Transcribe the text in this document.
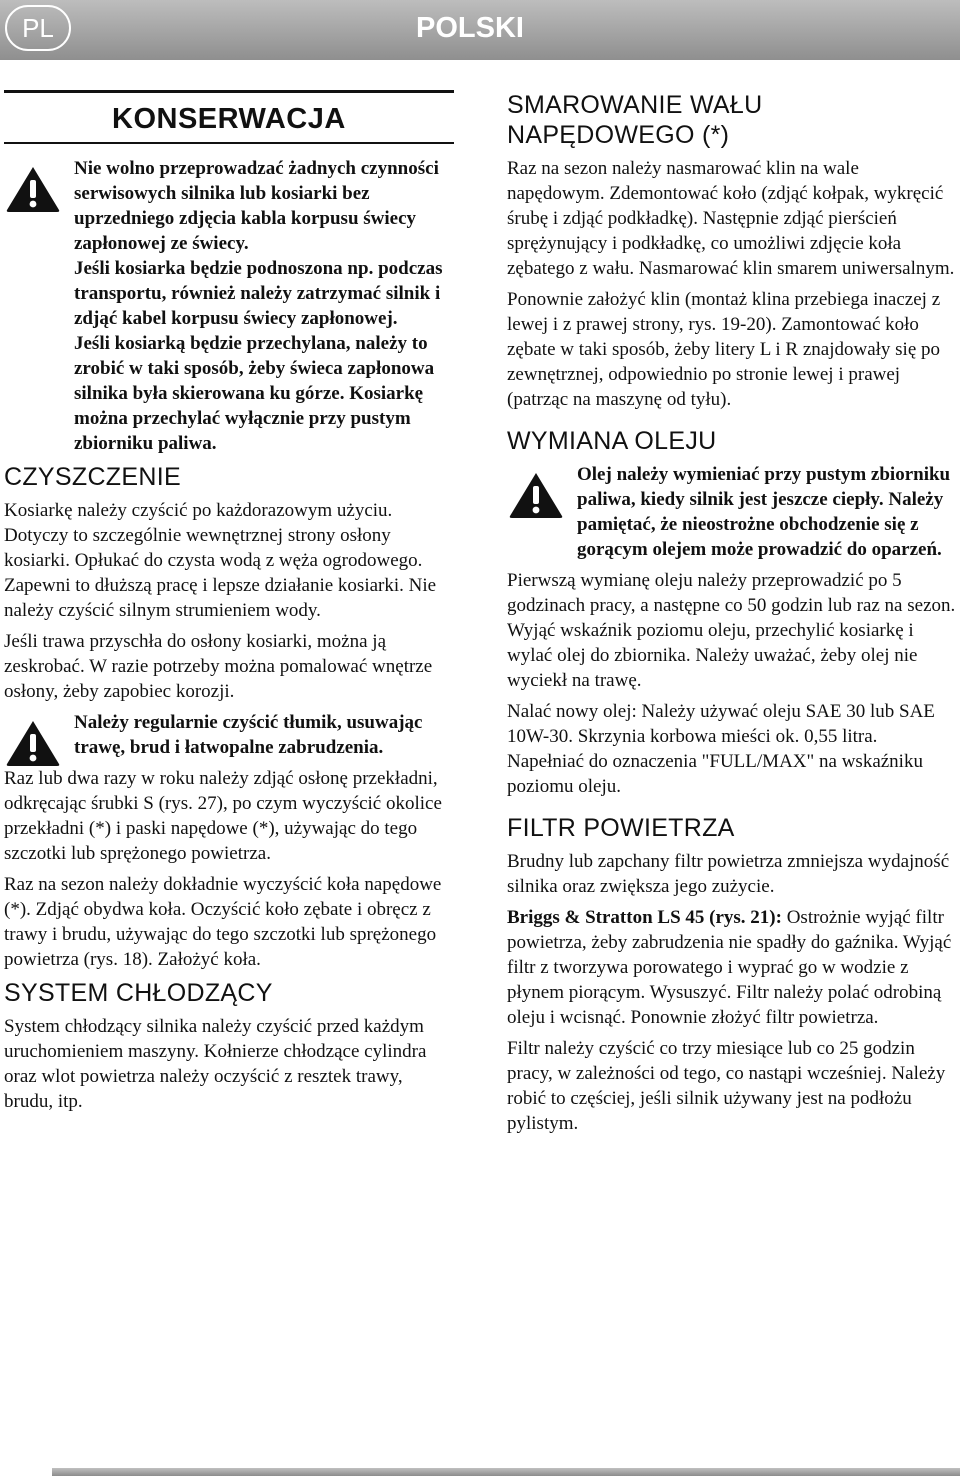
PL	POLSKI
KONSERWACJA

Nie wolno przeprowadzać żadnych czynności serwisowych silnika lub kosiarki bez uprzedniego zdjęcia kabla korpusu świecy zapłonowej ze świecy.

Jeśli kosiarka będzie podnoszona np. podczas transportu, również należy zatrzymać silnik i zdjąć kabel korpusu świecy zapłonowej.

Jeśli kosiarką będzie przechylana, należy to zrobić w taki sposób, żeby świeca zapłonowa silnika była skierowana ku górze. Kosiarkę można przechylać wyłącznie przy pustym zbiorniku paliwa.

CZYSZCZENIE

Kosiarkę należy czyścić po każdorazowym użyciu. Dotyczy to szczególnie wewnętrznej strony osłony kosiarki. Opłukać do czysta wodą z węża ogrodowego. Zapewni to dłuższą pracę i lepsze działanie kosiarki. Nie należy czyścić silnym strumieniem wody.

Jeśli trawa przyschła do osłony kosiarki, można ją zeskrobać. W razie potrzeby można pomalować wnętrze osłony, żeby zapobiec korozji.

Należy regularnie czyścić tłumik, usuwając trawę, brud i łatwopalne zabrudzenia.

Raz lub dwa razy w roku należy zdjąć osłonę przekładni, odkręcając śrubki S (rys. 27), po czym wyczyścić okolice przekładni (*) i paski napędowe (*), używając do tego szczotki lub sprężonego powietrza.

Raz na sezon należy dokładnie wyczyścić koła napędowe (*). Zdjąć obydwa koła. Oczyścić koło zębate i obręcz z trawy i brudu, używając do tego szczotki lub sprężonego powietrza (rys. 18). Założyć koła.

SYSTEM CHŁODZĄCY

System chłodzący silnika należy czyścić przed każdym uruchomieniem maszyny. Kołnierze chłodzące cylindra oraz wlot powietrza należy oczyścić z resztek trawy, brudu, itp.

SMAROWANIE WAŁU NAPĘDOWEGO (*)

Raz na sezon należy nasmarować klin na wale napędowym. Zdemontować koło (zdjąć kołpak, wykręcić śrubę i zdjąć podkładkę). Następnie zdjąć pierścień sprężynujący i podkładkę, co umożliwi zdjęcie koła zębatego z wału. Nasmarować klin smarem uniwersalnym.

Ponownie założyć klin (montaż klina przebiega inaczej z lewej i z prawej strony, rys. 19-20). Zamontować koło zębate w taki sposób, żeby litery L i R znajdowały się po zewnętrznej, odpowiednio po stronie lewej i prawej (patrząc na maszynę od tyłu).

WYMIANA OLEJU

Olej należy wymieniać przy pustym zbiorniku paliwa, kiedy silnik jest jeszcze ciepły. Należy pamiętać, że nieostrożne obchodzenie się z gorącym olejem może prowadzić do oparzeń.

Pierwszą wymianę oleju należy przeprowadzić po 5 godzinach pracy, a następne co 50 godzin lub raz na sezon. Wyjąć wskaźnik poziomu oleju, przechylić kosiarkę i wylać olej do zbiornika. Należy uważać, żeby olej nie wyciekł na trawę.

Nalać nowy olej: Należy używać oleju SAE 30 lub SAE 10W-30. Skrzynia korbowa mieści ok. 0,55 litra. Napełniać do oznaczenia "FULL/MAX" na wskaźniku poziomu oleju.

FILTR POWIETRZA

Brudny lub zapchany filtr powietrza zmniejsza wydajność silnika oraz zwiększa jego zużycie.

Briggs & Stratton LS 45 (rys. 21): Ostrożnie wyjąć filtr powietrza, żeby zabrudzenia nie spadły do gaźnika. Wyjąć filtr z tworzywa porowatego i wyprać go w wodzie z płynem piorącym. Wysuszyć. Filtr należy polać odrobiną oleju i wcisnąć. Ponownie złożyć filtr powietrza.

Filtr należy czyścić co trzy miesiące lub co 25 godzin pracy, w zależności od tego, co nastąpi wcześniej. Należy robić to częściej, jeśli silnik używany jest na podłożu pylistym.
